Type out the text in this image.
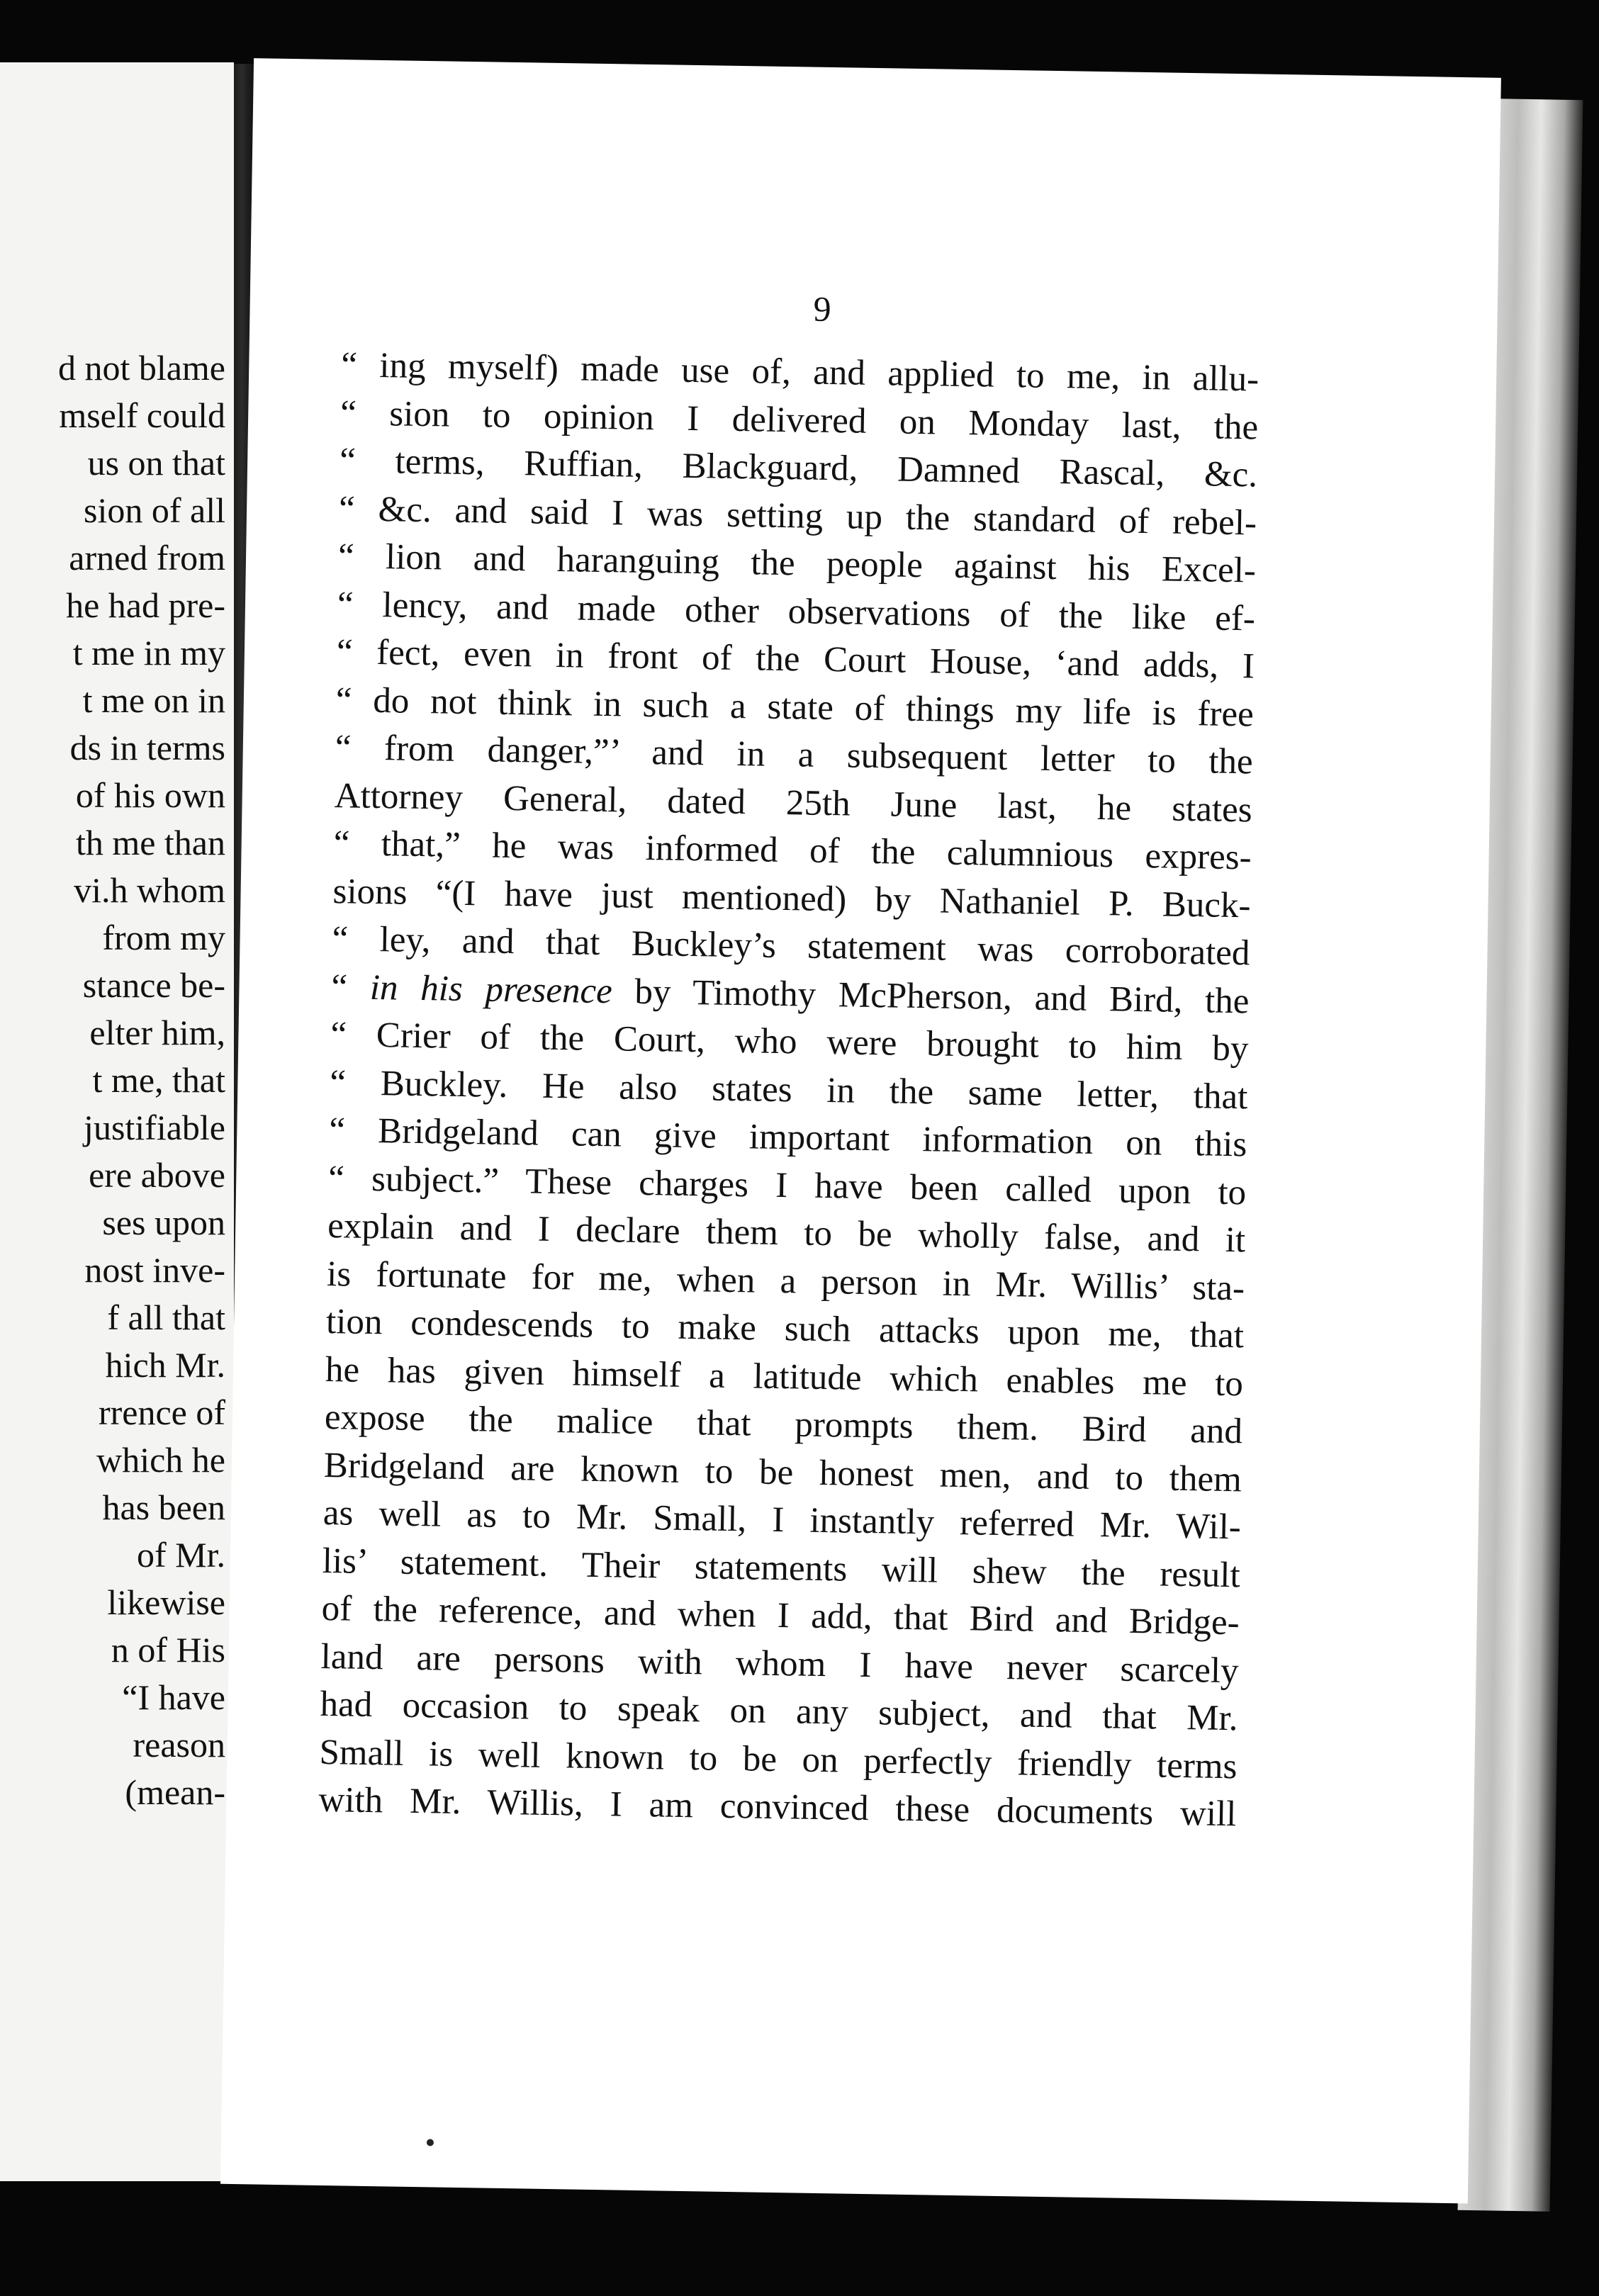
d not blame
mself could
us on that
sion of all
arned from
he had pre-
t me in my
t me on in
ds in terms
of his own
th me than
vi.h whom
from my
stance be-
elter him,
t me, that
justifiable
ere above
ses upon
nost inve-
f all that
hich Mr.
rrence of
which he
has been
of Mr.
likewise
n of His
“I have
reason
(mean-
9
“ ing myself) made use of, and applied to me, in allu-
“ sion to opinion I delivered on Monday last, the
“ terms, Ruffian, Blackguard, Damned Rascal, &c.
“ &c. and said I was setting up the standard of rebel-
“ lion and haranguing the people against his Excel-
“ lency, and made other observations of the like ef-
“ fect, even in front of the Court House, ‘and adds, I
“ do not think in such a state of things my life is free
“ from danger,”’ and in a subsequent letter to the
Attorney General, dated 25th June last, he states
“ that,” he was informed of the calumnious expres-
sions “(I have just mentioned) by Nathaniel P. Buck-
“ ley, and that Buckley’s statement was corroborated
“ in his presence by Timothy McPherson, and Bird, the
“ Crier of the Court, who were brought to him by
“ Buckley. He also states in the same letter, that
“ Bridgeland can give important information on this
“ subject.” These charges I have been called upon to
explain and I declare them to be wholly false, and it
is fortunate for me, when a person in Mr. Willis’ sta-
tion condescends to make such attacks upon me, that
he has given himself a latitude which enables me to
expose the malice that prompts them. Bird and
Bridgeland are known to be honest men, and to them
as well as to Mr. Small, I instantly referred Mr. Wil-
lis’ statement. Their statements will shew the result
of the reference, and when I add, that Bird and Bridge-
land are persons with whom I have never scarcely
had occasion to speak on any subject, and that Mr.
Small is well known to be on perfectly friendly terms
with Mr. Willis, I am convinced these documents will
